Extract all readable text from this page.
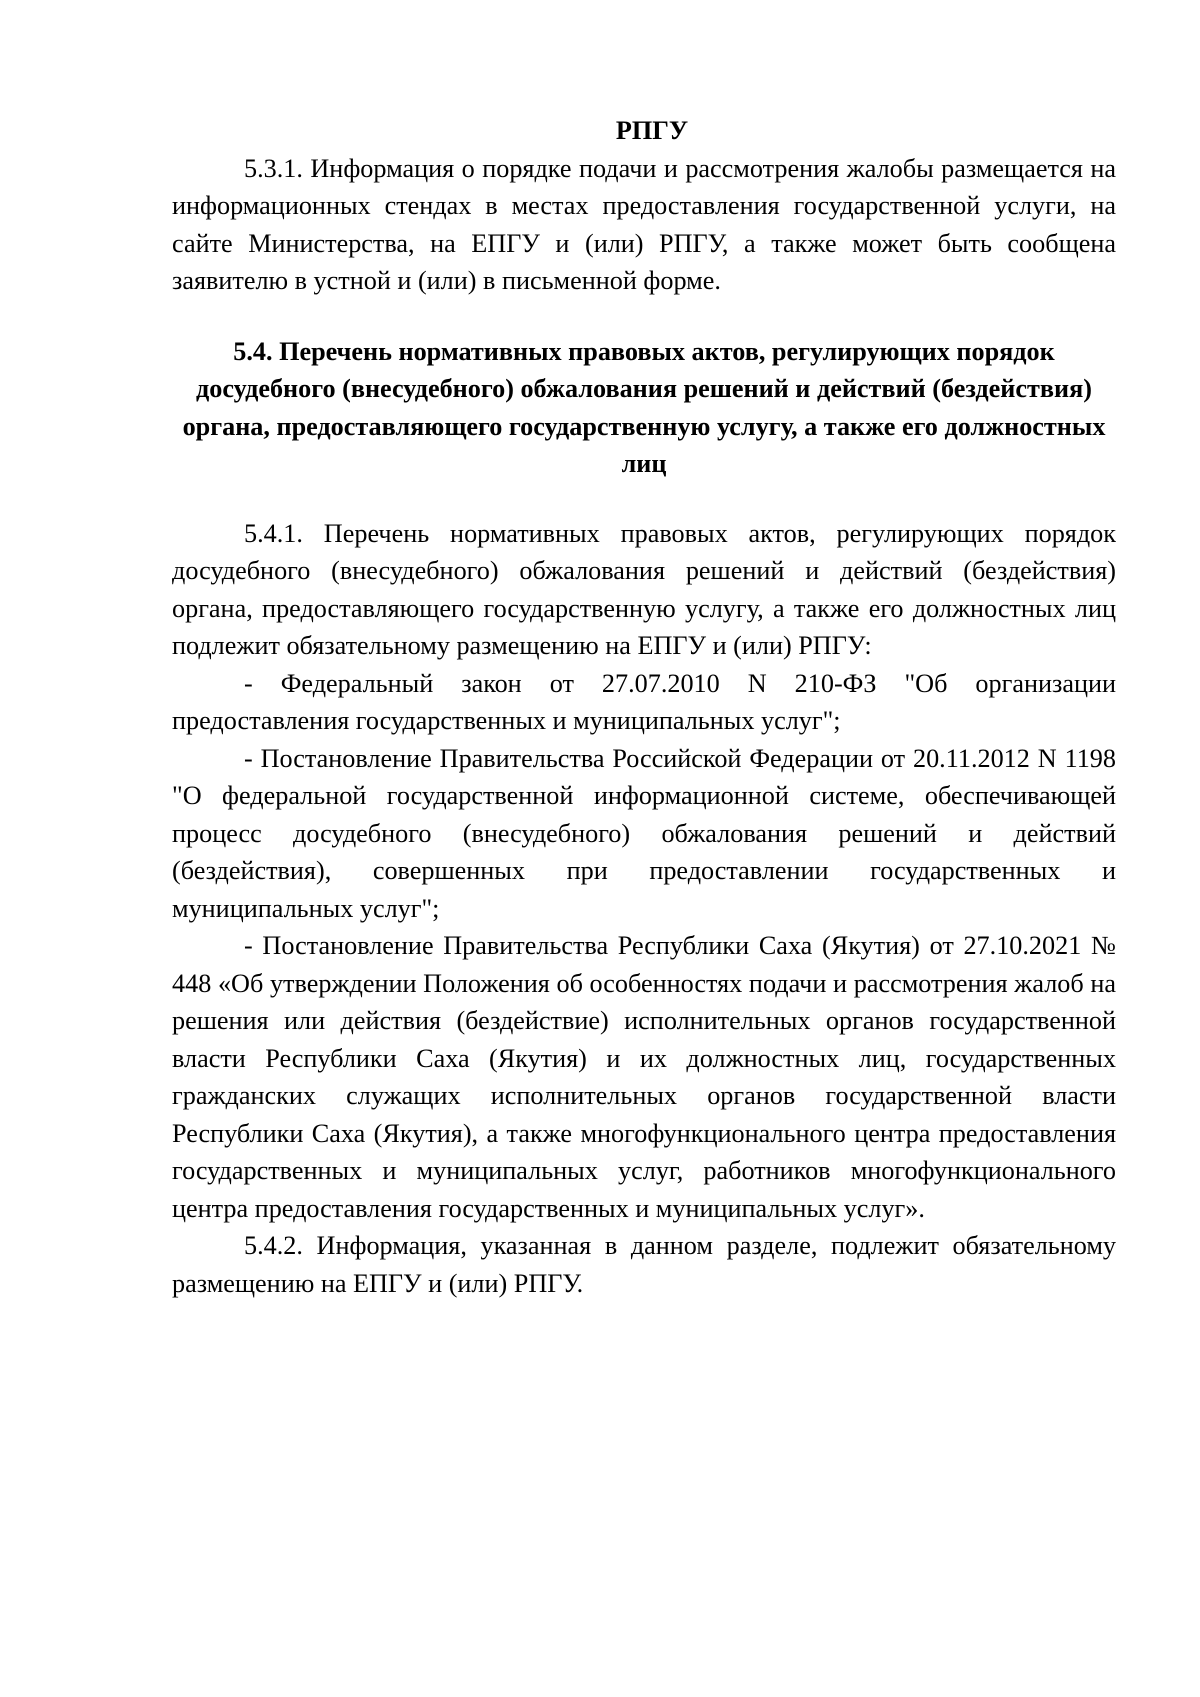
РПГУ

5.3.1. Информация о порядке подачи и рассмотрения жалобы размещается на информационных стендах в местах предоставления государственной услуги, на сайте Министерства, на ЕПГУ и (или) РПГУ, а также может быть сообщена заявителю в устной и (или) в письменной форме.

5.4. Перечень нормативных правовых актов, регулирующих порядок досудебного (внесудебного) обжалования решений и действий (бездействия) органа, предоставляющего государственную услугу, а также его должностных лиц

5.4.1. Перечень нормативных правовых актов, регулирующих порядок досудебного (внесудебного) обжалования решений и действий (бездействия) органа, предоставляющего государственную услугу, а также его должностных лиц подлежит обязательному размещению на ЕПГУ и (или) РПГУ:

- Федеральный закон от 27.07.2010 N 210-ФЗ "Об организации предоставления государственных и муниципальных услуг";

- Постановление Правительства Российской Федерации от 20.11.2012 N 1198 "О федеральной государственной информационной системе, обеспечивающей процесс досудебного (внесудебного) обжалования решений и действий (бездействия), совершенных при предоставлении государственных и муниципальных услуг";

- Постановление Правительства Республики Саха (Якутия) от 27.10.2021 № 448 «Об утверждении Положения об особенностях подачи и рассмотрения жалоб на решения или действия (бездействие) исполнительных органов государственной власти Республики Саха (Якутия) и их должностных лиц, государственных гражданских служащих исполнительных органов государственной власти Республики Саха (Якутия), а также многофункционального центра предоставления государственных и муниципальных услуг, работников многофункционального центра предоставления государственных и муниципальных услуг».

5.4.2. Информация, указанная в данном разделе, подлежит обязательному размещению на ЕПГУ и (или) РПГУ.
